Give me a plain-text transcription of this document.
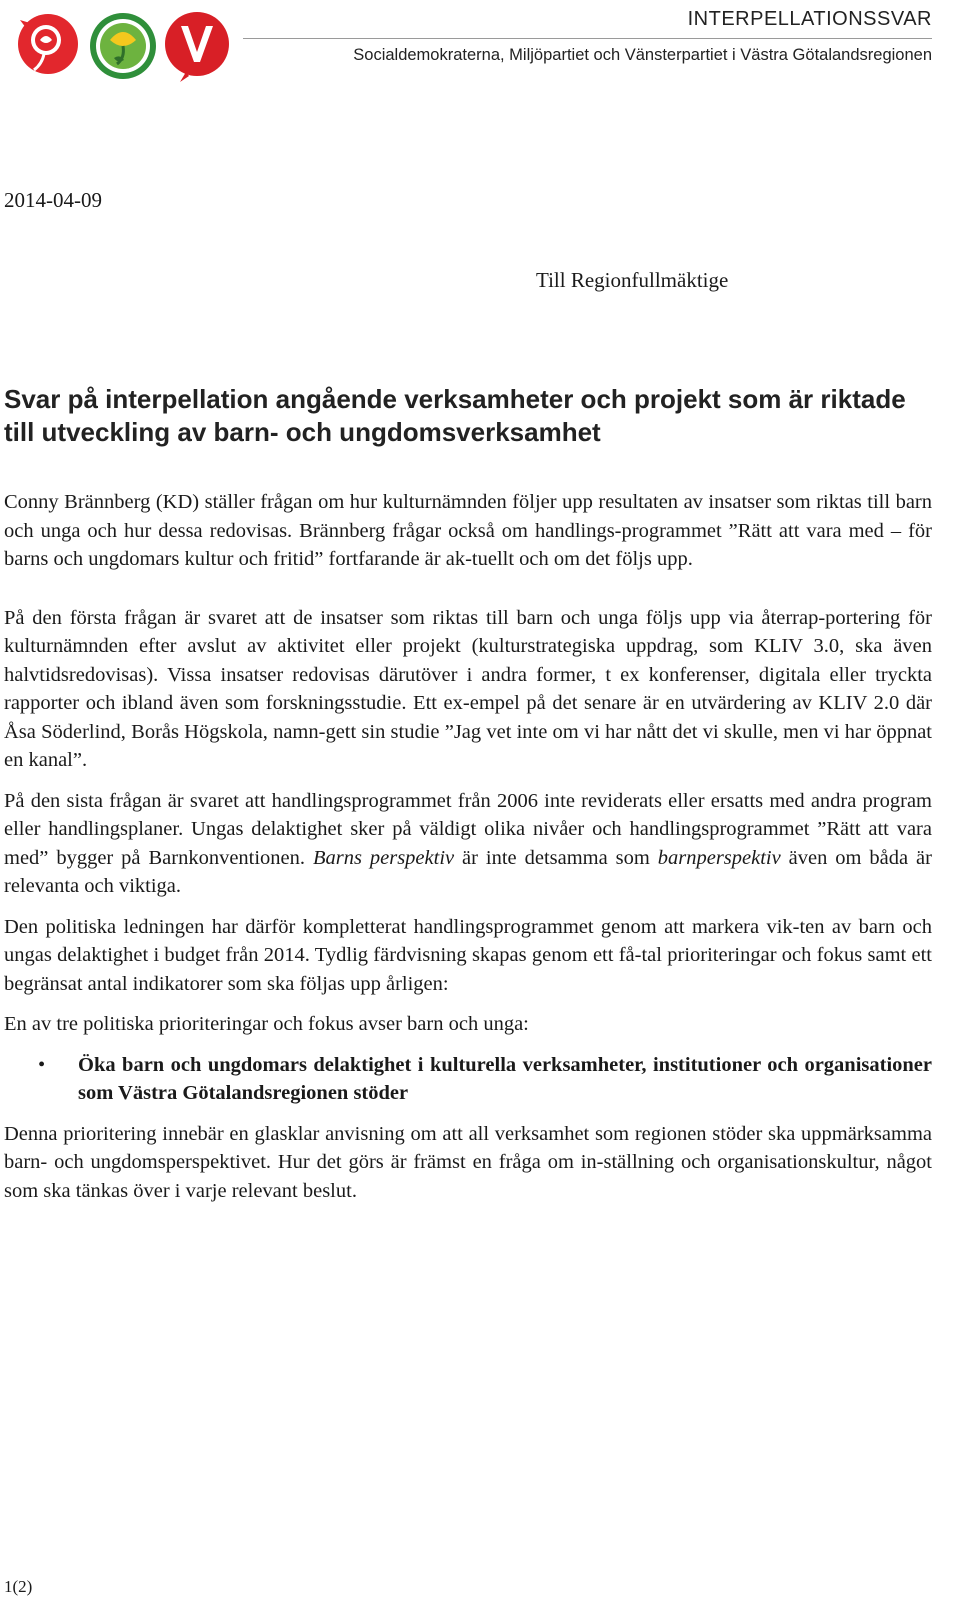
INTERPELLATIONSSVAR
Socialdemokraterna, Miljöpartiet och Vänsterpartiet i Västra Götalandsregionen
2014-04-09
Till Regionfullmäktige
Svar på interpellation angående verksamheter och projekt som är riktade till utveckling av barn- och ungdomsverksamhet

Conny Brännberg (KD) ställer frågan om hur kulturnämnden följer upp resultaten av insatser som riktas till barn och unga och hur dessa redovisas. Brännberg frågar också om handlings-programmet ”Rätt att vara med – för barns och ungdomars kultur och fritid” fortfarande är ak-tuellt och om det följs upp.

På den första frågan är svaret att de insatser som riktas till barn och unga följs upp via återrap-portering för kulturnämnden efter avslut av aktivitet eller projekt (kulturstrategiska uppdrag, som KLIV 3.0, ska även halvtidsredovisas). Vissa insatser redovisas därutöver i andra former, t ex konferenser, digitala eller tryckta rapporter och ibland även som forskningsstudie. Ett ex-empel på det senare är en utvärdering av KLIV 2.0 där Åsa Söderlind, Borås Högskola, namn-gett sin studie ”Jag vet inte om vi har nått det vi skulle, men vi har öppnat en kanal”.

På den sista frågan är svaret att handlingsprogrammet från 2006 inte reviderats eller ersatts med andra program eller handlingsplaner. Ungas delaktighet sker på väldigt olika nivåer och handlingsprogrammet ”Rätt att vara med” bygger på Barnkonventionen. Barns perspektiv är inte detsamma som barnperspektiv även om båda är relevanta och viktiga.

Den politiska ledningen har därför kompletterat handlingsprogrammet genom att markera vik-ten av barn och ungas delaktighet i budget från 2014. Tydlig färdvisning skapas genom ett få-tal prioriteringar och fokus samt ett begränsat antal indikatorer som ska följas upp årligen:

En av tre politiska prioriteringar och fokus avser barn och unga:

• Öka barn och ungdomars delaktighet i kulturella verksamheter, institutioner och organisationer som Västra Götalandsregionen stöder

Denna prioritering innebär en glasklar anvisning om att all verksamhet som regionen stöder ska uppmärksamma barn- och ungdomsperspektivet. Hur det görs är främst en fråga om in-ställning och organisationskultur, något som ska tänkas över i varje relevant beslut.

1(2)
